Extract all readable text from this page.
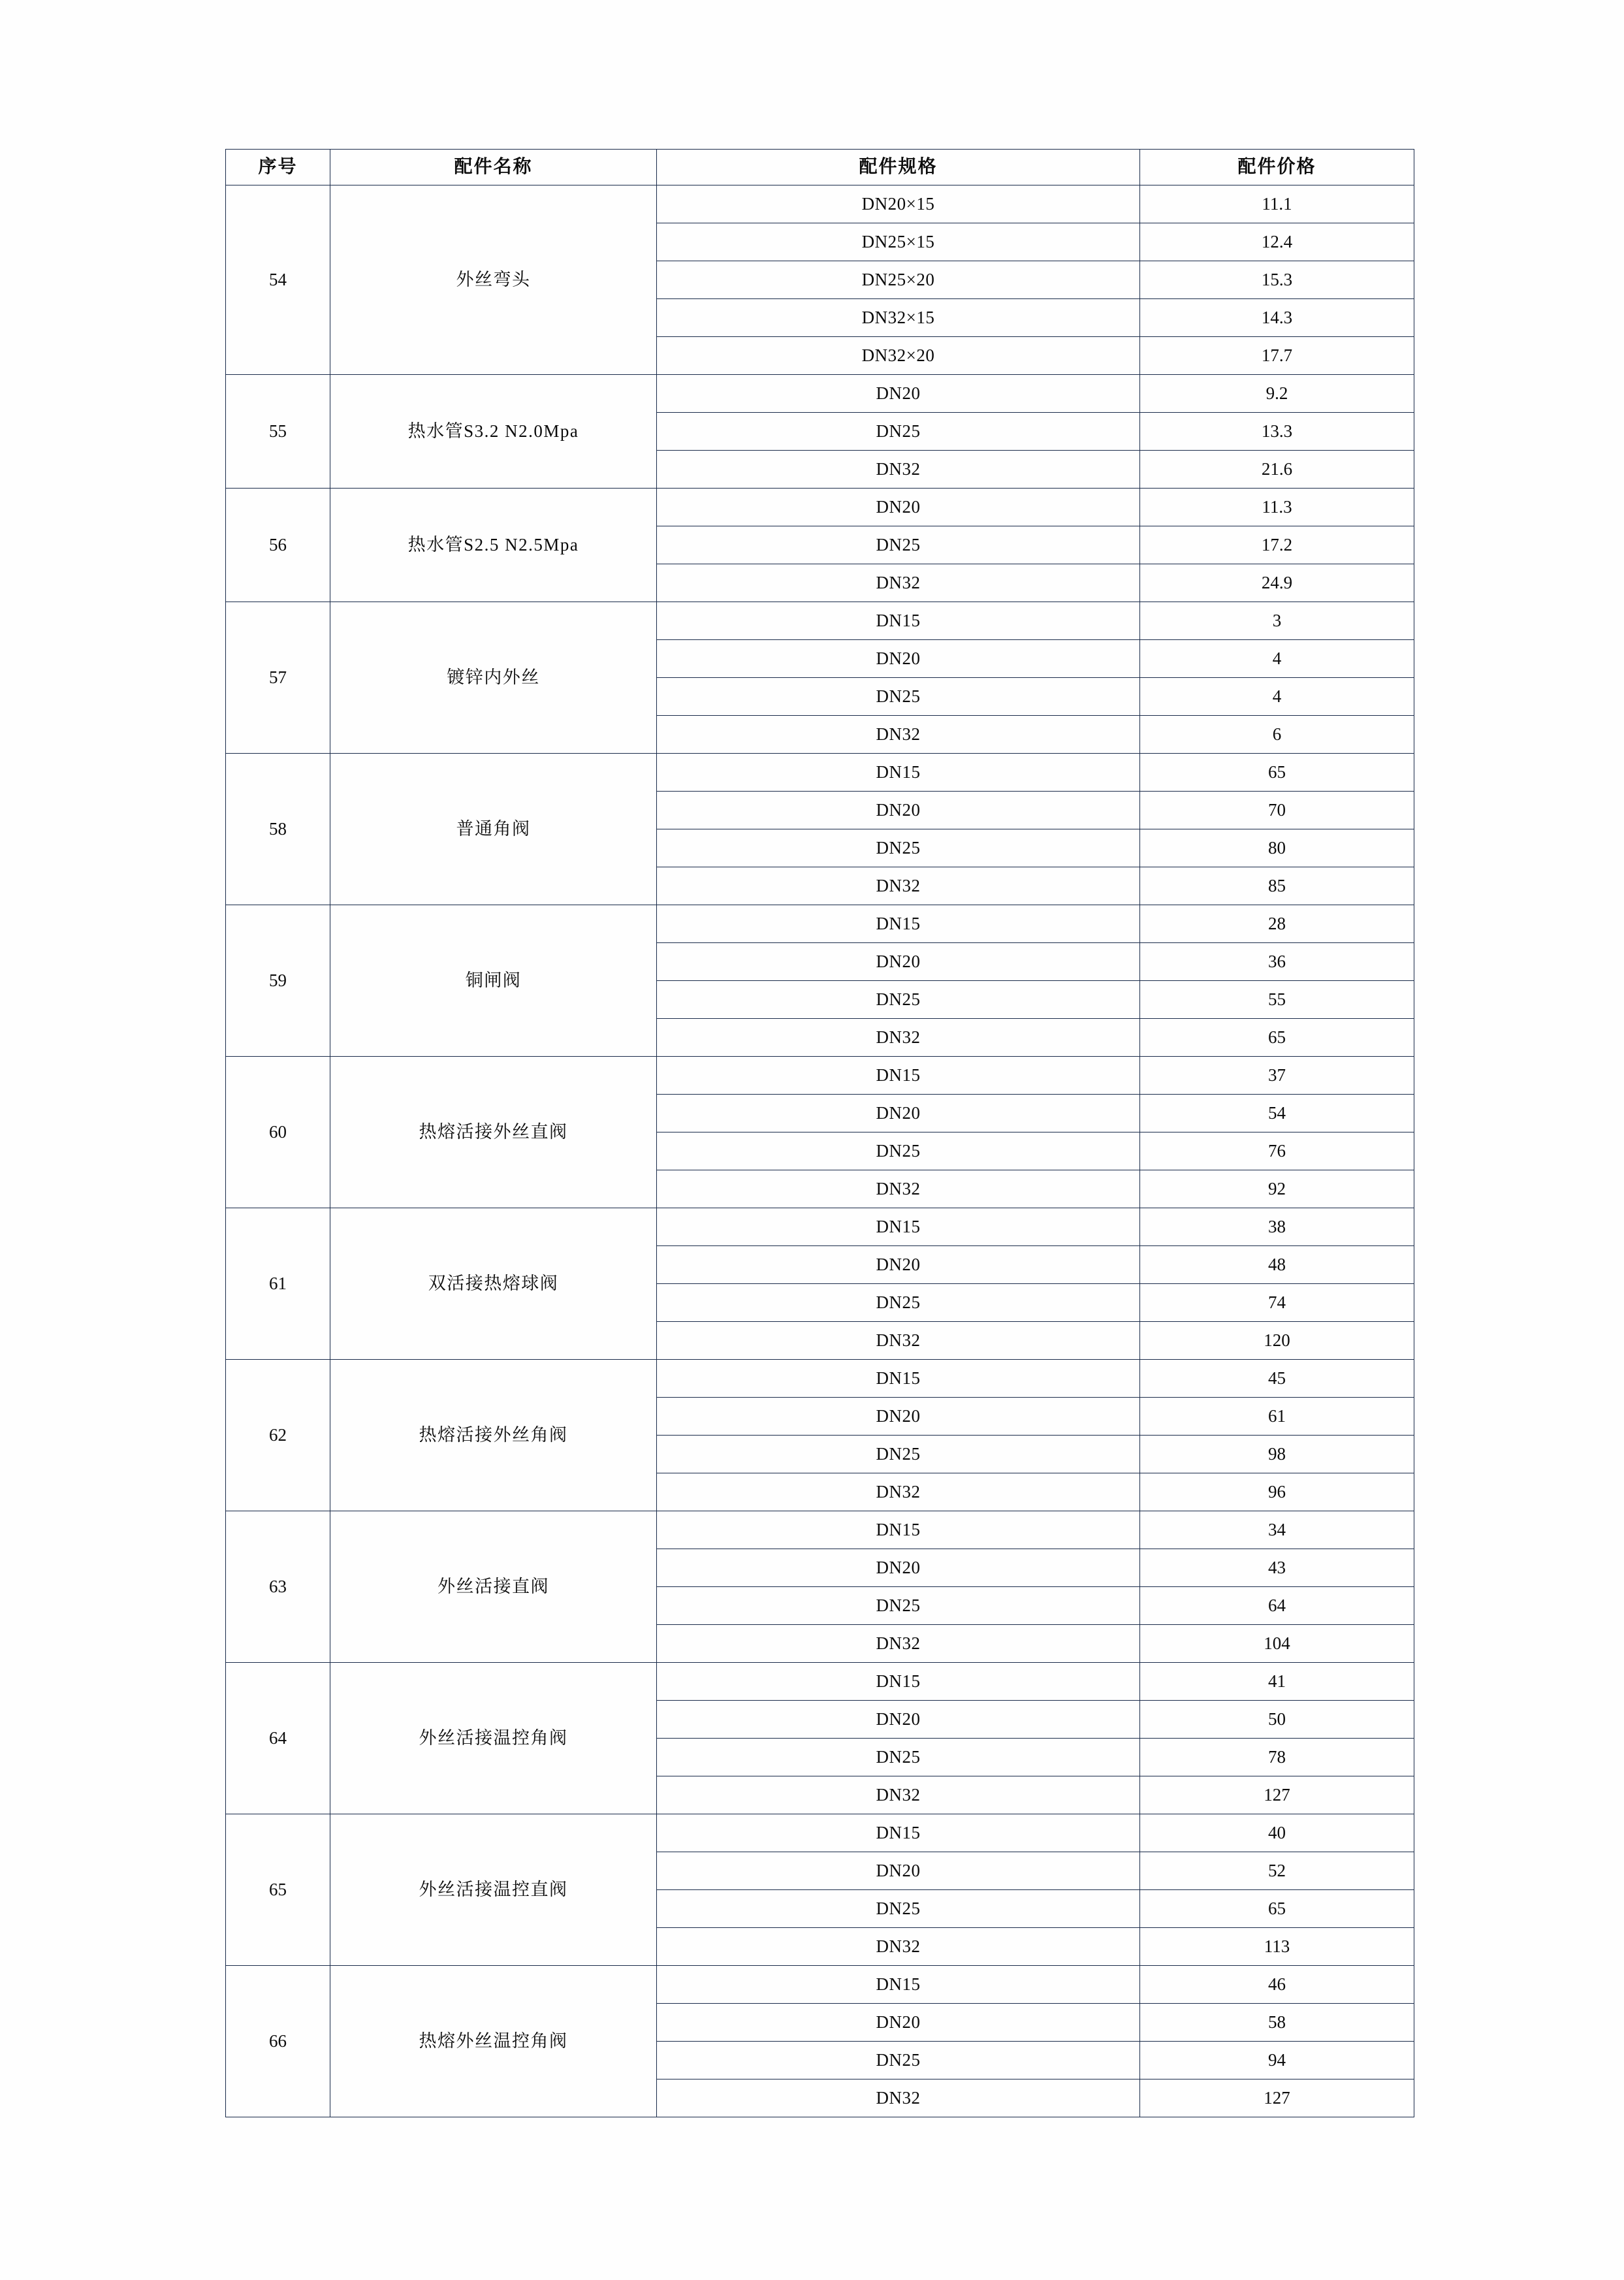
序号	配件名称	配件规格	配件价格
54	外丝弯头	DN20×15	11.1
		DN25×15	12.4
		DN25×20	15.3
		DN32×15	14.3
		DN32×20	17.7
55	热水管S3.2 N2.0Mpa	DN20	9.2
		DN25	13.3
		DN32	21.6
56	热水管S2.5 N2.5Mpa	DN20	11.3
		DN25	17.2
		DN32	24.9
57	镀锌内外丝	DN15	3
		DN20	4
		DN25	4
		DN32	6
58	普通角阀	DN15	65
		DN20	70
		DN25	80
		DN32	85
59	铜闸阀	DN15	28
		DN20	36
		DN25	55
		DN32	65
60	热熔活接外丝直阀	DN15	37
		DN20	54
		DN25	76
		DN32	92
61	双活接热熔球阀	DN15	38
		DN20	48
		DN25	74
		DN32	120
62	热熔活接外丝角阀	DN15	45
		DN20	61
		DN25	98
		DN32	96
63	外丝活接直阀	DN15	34
		DN20	43
		DN25	64
		DN32	104
64	外丝活接温控角阀	DN15	41
		DN20	50
		DN25	78
		DN32	127
65	外丝活接温控直阀	DN15	40
		DN20	52
		DN25	65
		DN32	113
66	热熔外丝温控角阀	DN15	46
		DN20	58
		DN25	94
		DN32	127
